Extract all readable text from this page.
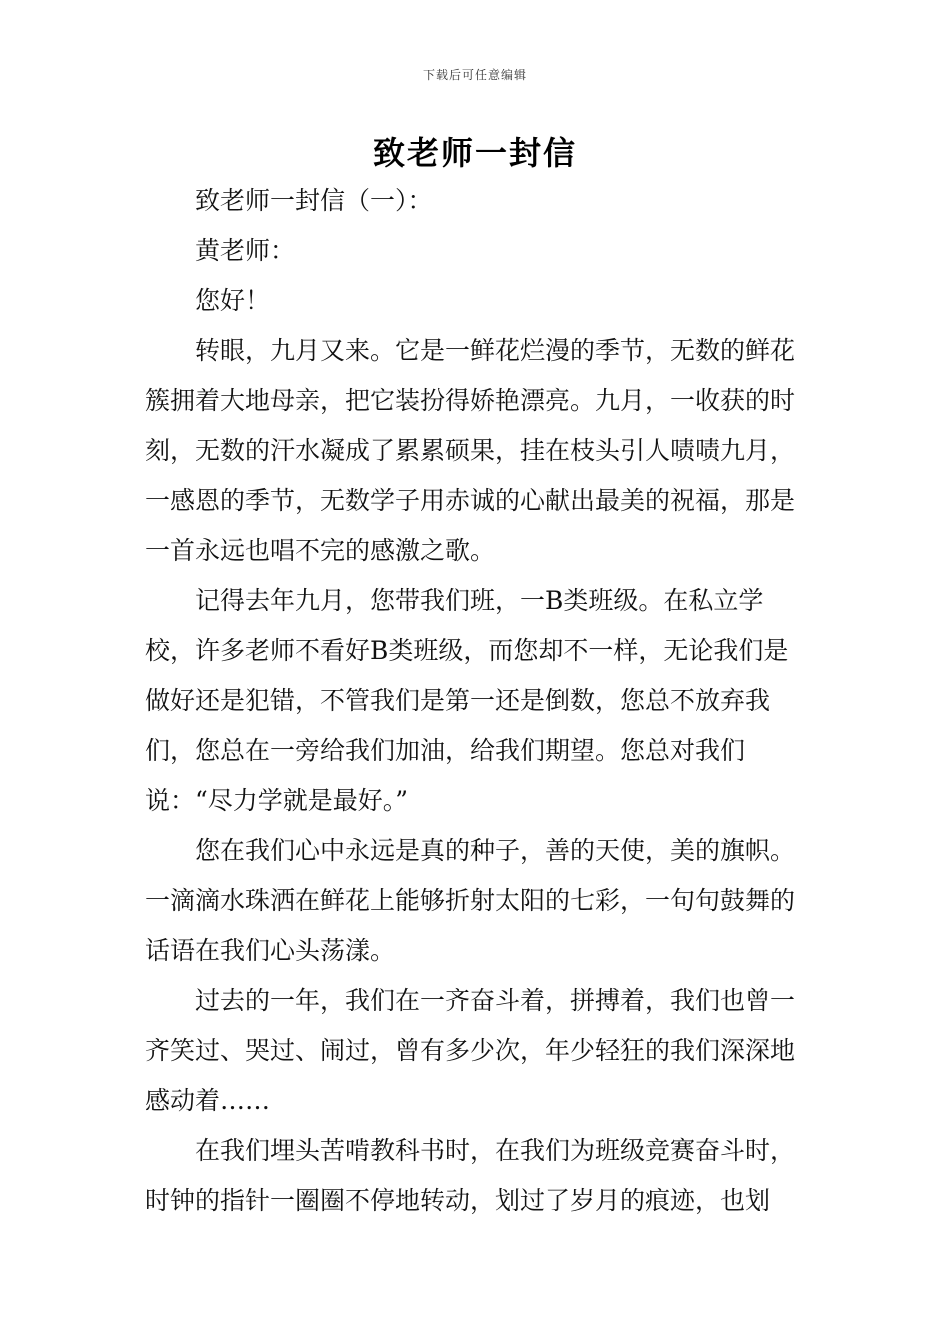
下载后可任意编辑
致老师一封信

致老师一封信（一）：

黄老师：

您好！

转眼，九月又来。它是一鲜花烂漫的季节，无数的鲜花簇拥着大地母亲，把它装扮得娇艳漂亮。九月，一收获的时刻，无数的汗水凝成了累累硕果，挂在枝头引人啧啧九月，一感恩的季节，无数学子用赤诚的心献出最美的祝福，那是一首永远也唱不完的感激之歌。

记得去年九月，您带我们班，一B类班级。在私立学校，许多老师不看好B类班级，而您却不一样，无论我们是做好还是犯错，不管我们是第一还是倒数，您总不放弃我们，您总在一旁给我们加油，给我们期望。您总对我们说：“尽力学就是最好。”

您在我们心中永远是真的种子，善的天使，美的旗帜。一滴滴水珠洒在鲜花上能够折射太阳的七彩，一句句鼓舞的话语在我们心头荡漾。

过去的一年，我们在一齐奋斗着，拼搏着，我们也曾一齐笑过、哭过、闹过，曾有多少次，年少轻狂的我们深深地感动着……

在我们埋头苦啃教科书时，在我们为班级竞赛奋斗时，时钟的指针一圈圈不停地转动，划过了岁月的痕迹，也划
